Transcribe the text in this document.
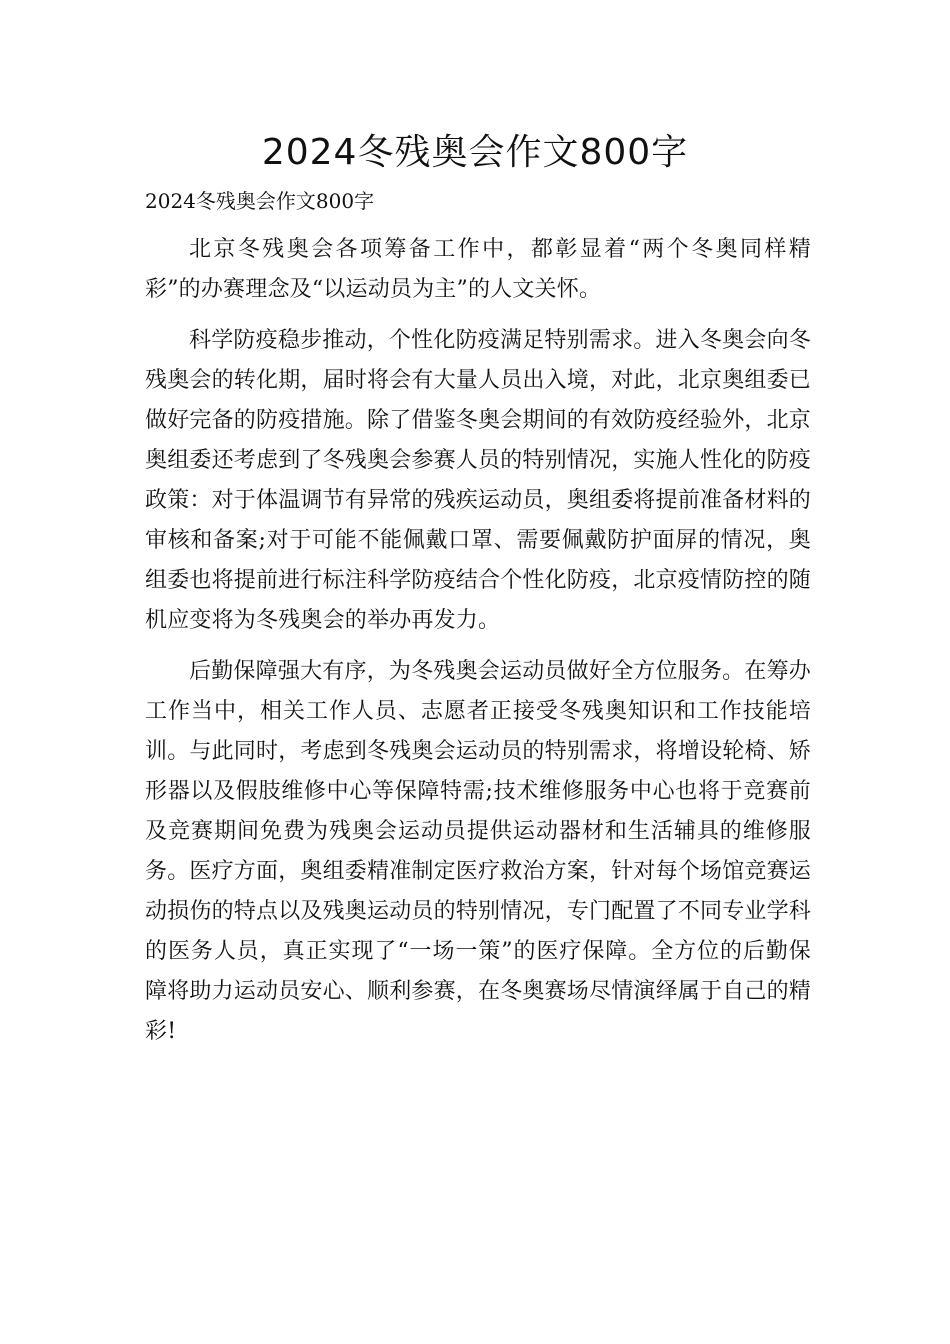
2024冬残奥会作文800字

2024冬残奥会作文800字

北京冬残奥会各项筹备工作中，都彰显着“两个冬奥同样精彩”的办赛理念及“以运动员为主”的人文关怀。

科学防疫稳步推动，个性化防疫满足特别需求。进入冬奥会向冬残奥会的转化期，届时将会有大量人员出入境，对此，北京奥组委已做好完备的防疫措施。除了借鉴冬奥会期间的有效防疫经验外，北京奥组委还考虑到了冬残奥会参赛人员的特别情况，实施人性化的防疫政策：对于体温调节有异常的残疾运动员，奥组委将提前准备材料的审核和备案;对于可能不能佩戴口罩、需要佩戴防护面屏的情况，奥组委也将提前进行标注科学防疫结合个性化防疫，北京疫情防控的随机应变将为冬残奥会的举办再发力。

后勤保障强大有序，为冬残奥会运动员做好全方位服务。在筹办工作当中，相关工作人员、志愿者正接受冬残奥知识和工作技能培训。与此同时，考虑到冬残奥会运动员的特别需求，将增设轮椅、矫形器以及假肢维修中心等保障特需;技术维修服务中心也将于竞赛前及竞赛期间免费为残奥会运动员提供运动器材和生活辅具的维修服务。医疗方面，奥组委精准制定医疗救治方案，针对每个场馆竞赛运动损伤的特点以及残奥运动员的特别情况，专门配置了不同专业学科的医务人员，真正实现了“一场一策”的医疗保障。全方位的后勤保障将助力运动员安心、顺利参赛，在冬奥赛场尽情演绎属于自己的精彩!
